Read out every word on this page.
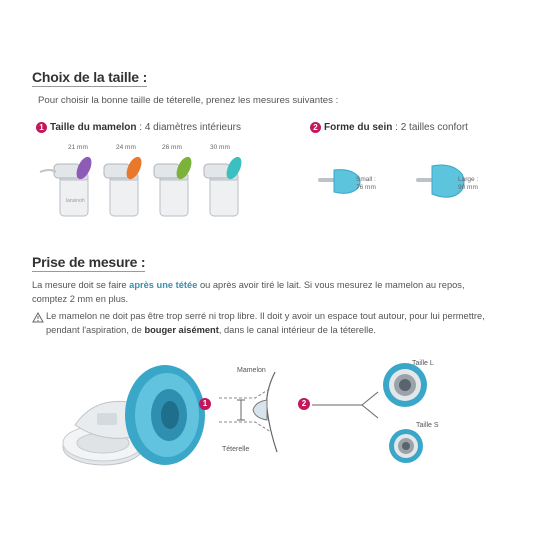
Choix de la taille :
Pour choisir la bonne taille de téterelle, prenez les mesures suivantes :
1 Taille du mamelon : 4 diamètres intérieurs	2 Forme du sein : 2 tailles confort
21 mm	24 mm	26 mm	30 mm
lansinoh
Small :
76 mm
Large :
90 mm
Prise de mesure :
La mesure doit se faire après une tétée ou après avoir tiré le lait. Si vous mesurez le mamelon au repos, comptez 2 mm en plus.
Le mamelon ne doit pas être trop serré ni trop libre. Il doit y avoir un espace tout autour, pour lui permettre, pendant l'aspiration, de bouger aisément, dans le canal intérieur de la téterelle.
1
Mamelon
Téterelle
2
Taille L
Taille S
